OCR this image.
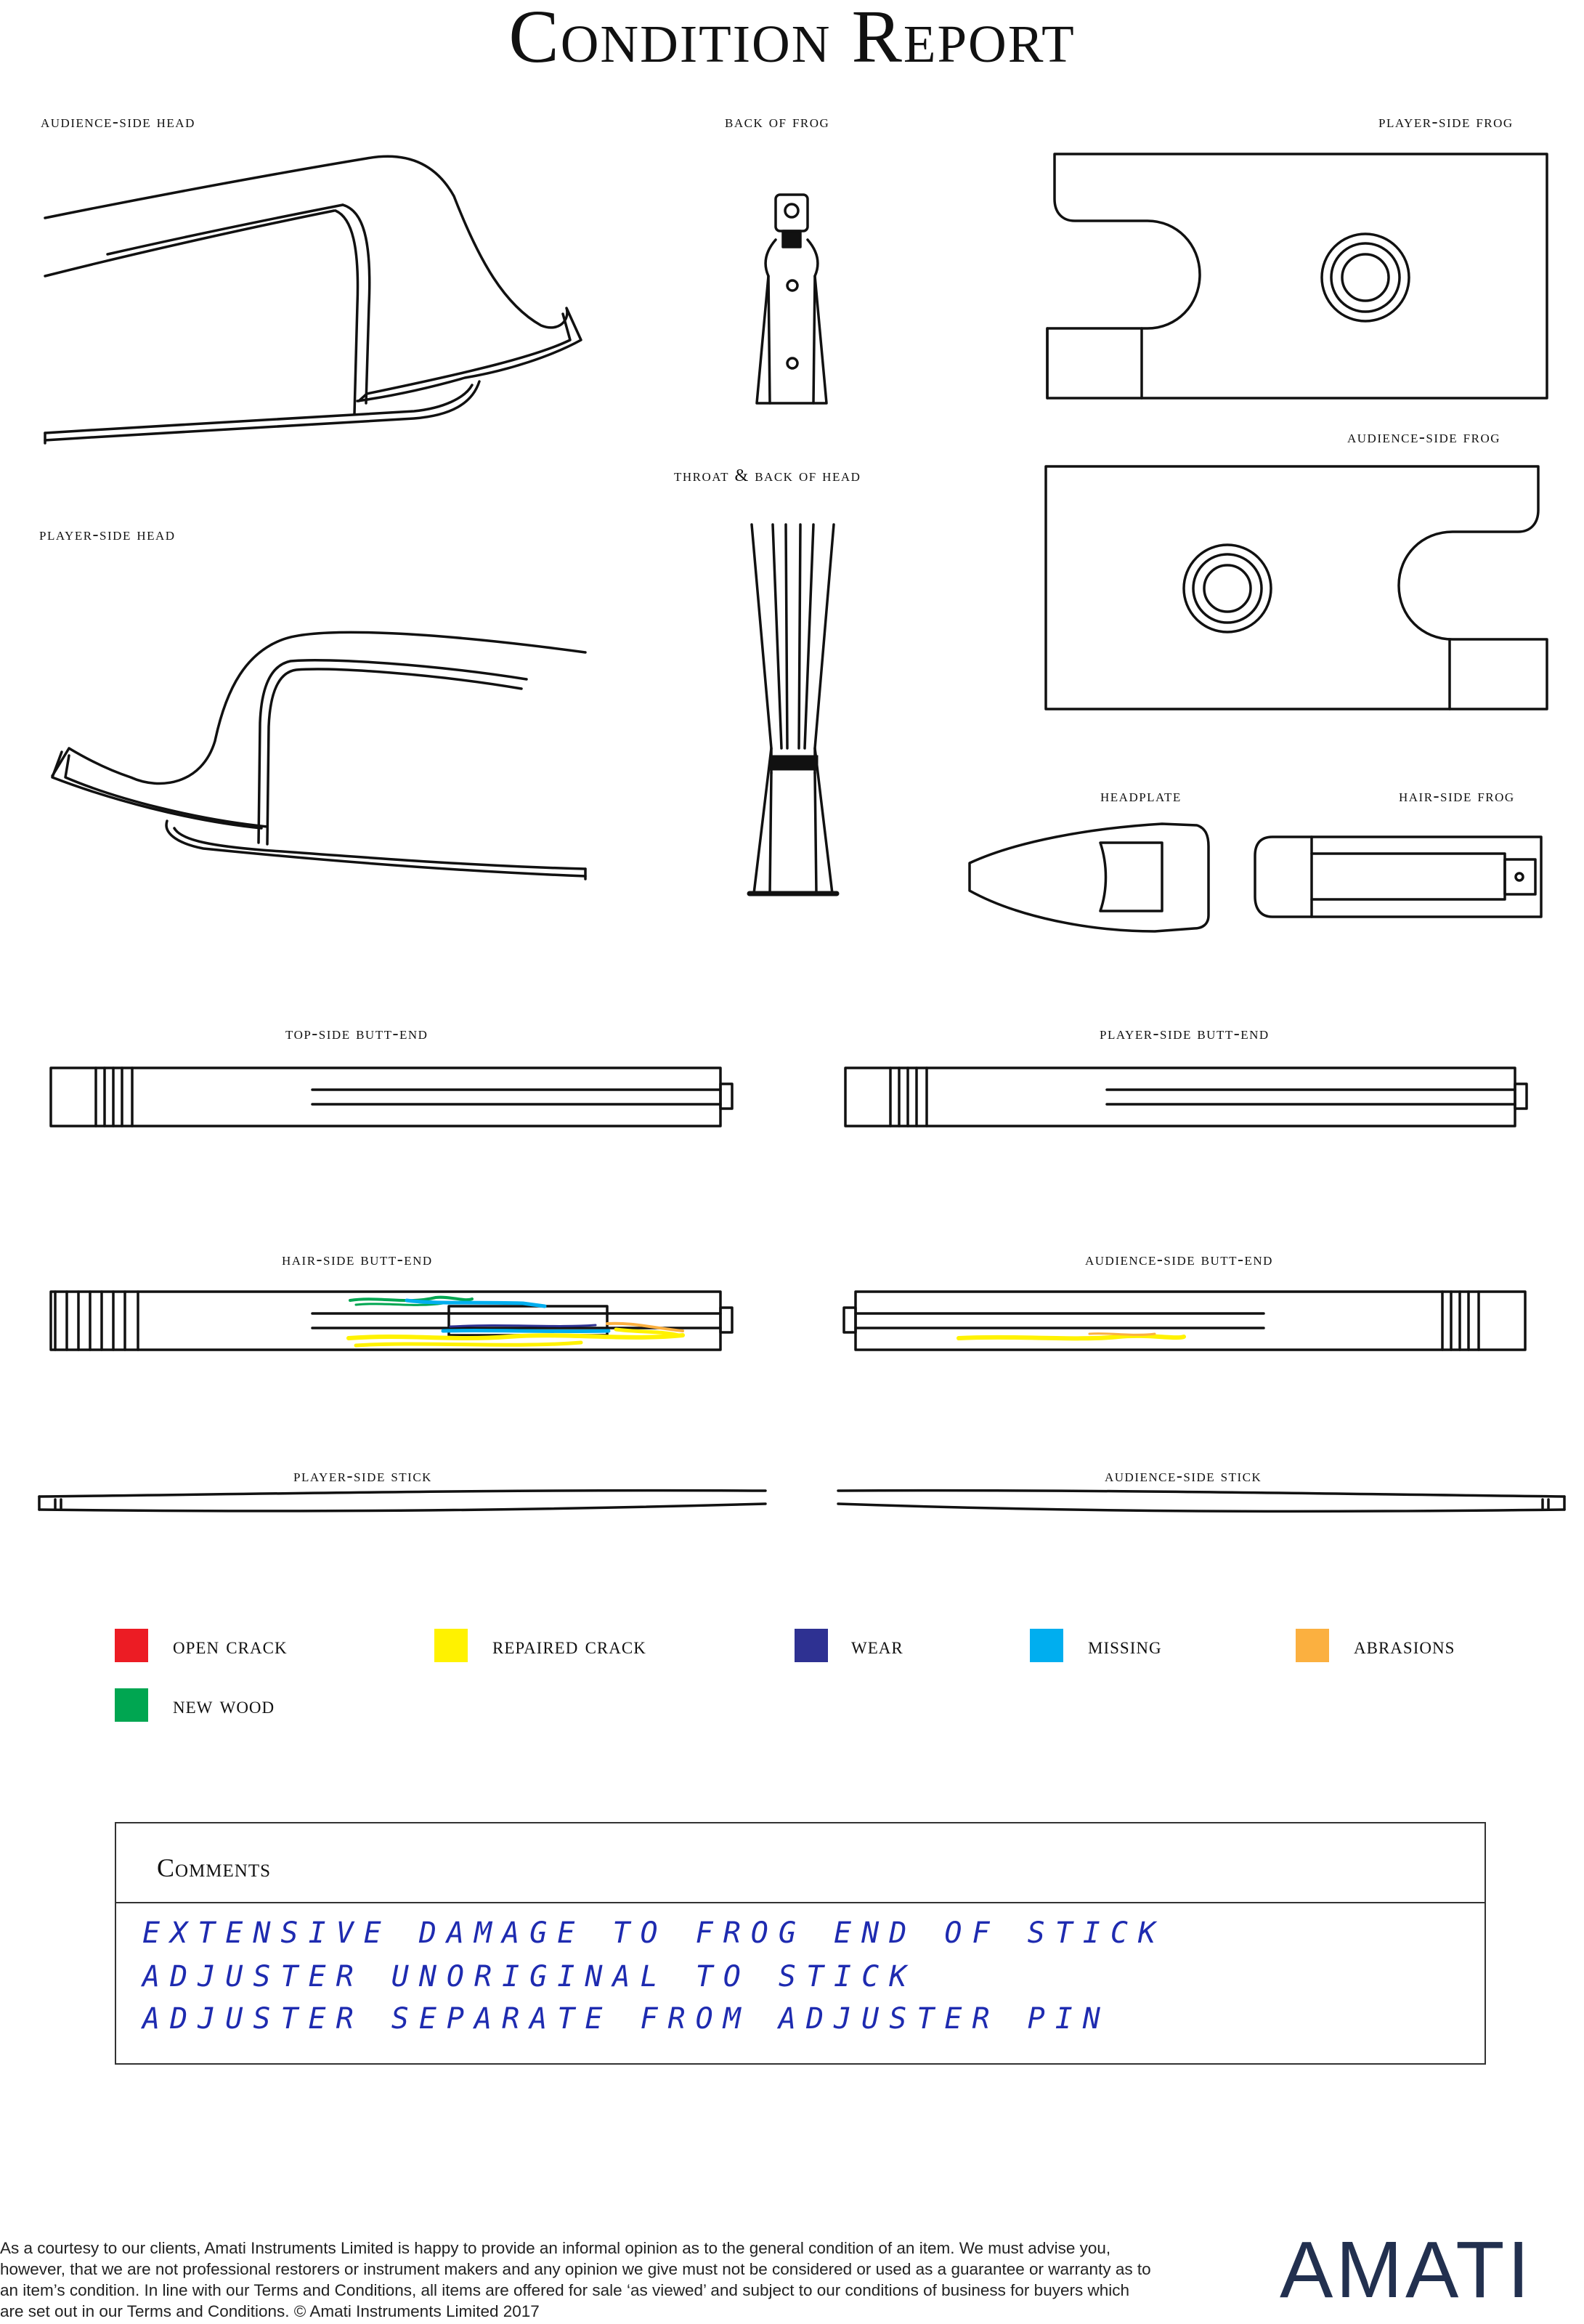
Condition Report
audience-side head	back of frog	player-side frog
audience-side frog
throat & back of head
player-side head
headplate	hair-side frog
top-side butt-end	player-side butt-end
hair-side butt-end	audience-side butt-end
player-side stick	audience-side stick
open crack	repaired crack	wear	missing	abrasions
new wood
Comments
EXTENSIVE DAMAGE TO FROG END OF STICK
ADJUSTER UNORIGINAL TO STICK
ADJUSTER SEPARATE FROM ADJUSTER PIN
As a courtesy to our clients, Amati Instruments Limited is happy to provide an informal opinion as to the general condition of an item. We must advise you, however, that we are not professional restorers or instrument makers and any opinion we give must not be considered or used as a guarantee or warranty as to an item’s condition. In line with our Terms and Conditions, all items are offered for sale ‘as viewed’ and subject to our conditions of business for buyers which are set out in our Terms and Conditions. © Amati Instruments Limited 2017	AMATI
